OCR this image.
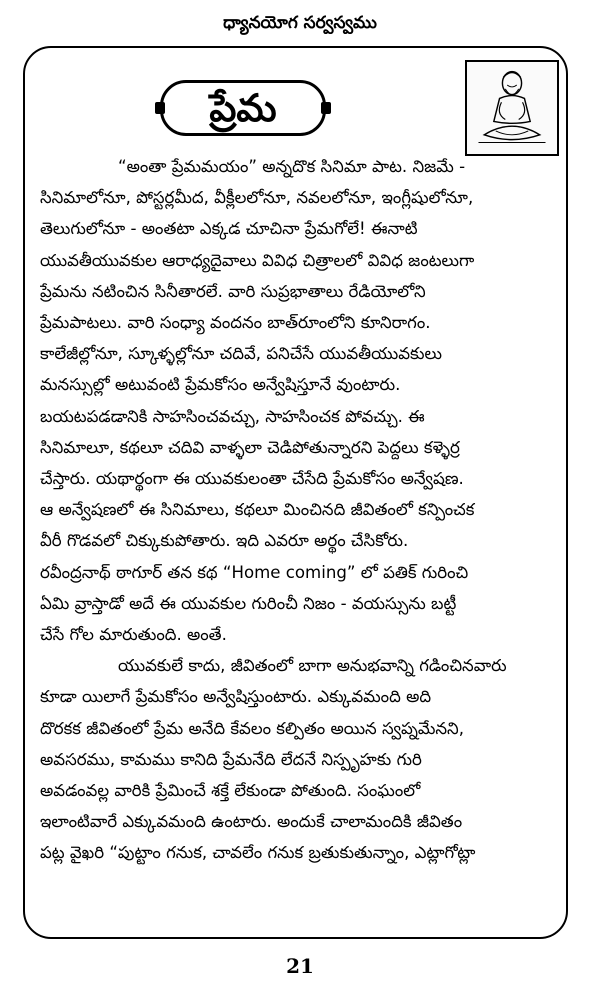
ధ్యానయోగ సర్వస్వము
ప్రేమ

“అంతా ప్రేమమయం” అన్నదొక సినిమా పాట. నిజమే -
సినిమాలోనూ, పోస్టర్లమీద, వీక్లీలలోనూ, నవలలోనూ, ఇంగ్లీషులోనూ,
తెలుగులోనూ - అంతటా ఎక్కడ చూచినా ప్రేమగోలే! ఈనాటి
యువతీయువకుల ఆరాధ్యదైవాలు వివిధ చిత్రాలలో వివిధ జంటలుగా
ప్రేమను నటించిన సినీతారలే. వారి సుప్రభాతాలు రేడియోలోని
ప్రేమపాటలు. వారి సంధ్యా వందనం బాత్‌రూంలోని కూనిరాగం.
కాలేజీల్లోనూ, స్కూళ్ళల్లోనూ చదివే, పనిచేసే యువతీయువకులు
మనస్సుల్లో అటువంటి ప్రేమకోసం అన్వేషిస్తూనే వుంటారు.
బయటపడడానికి సాహసించవచ్చు, సాహసించక పోవచ్చు. ఈ
సినిమాలూ, కథలూ చదివి వాళ్ళలా చెడిపోతున్నారని పెద్దలు కళ్ళెర్ర
చేస్తారు. యథార్థంగా ఈ యువకులంతా చేసేది ప్రేమకోసం అన్వేషణ.
ఆ అన్వేషణలో ఈ సినిమాలు, కథలూ మించినది జీవితంలో కన్పించక
వీరీ గొడవలో చిక్కుకుపోతారు. ఇది ఎవరూ అర్థం చేసికోరు.
రవీంద్రనాథ్ ఠాగూర్ తన కథ “Home coming” లో పతిక్ గురించి
ఏమి వ్రాస్తాడో అదే ఈ యువకుల గురించీ నిజం - వయస్సును బట్టీ
చేసే గోల మారుతుంది. అంతే.

యువకులే కాదు, జీవితంలో బాగా అనుభవాన్ని గడించినవారు
కూడా యిలాగే ప్రేమకోసం అన్వేషిస్తుంటారు. ఎక్కువమంది అది
దొరకక జీవితంలో ప్రేమ అనేది కేవలం కల్పితం అయిన స్వప్నమేనని,
అవసరము, కామము కానిది ప్రేమనేది లేదనే నిస్పృహకు గురి
అవడంవల్ల వారికి ప్రేమించే శక్తే లేకుండా పోతుంది. సంఘంలో
ఇలాంటివారే ఎక్కువమంది ఉంటారు. అందుకే చాలామందికి జీవితం
పట్ల వైఖరి “పుట్టాం గనుక, చావలేం గనుక బ్రతుకుతున్నాం, ఎట్లాగోట్లా

21
